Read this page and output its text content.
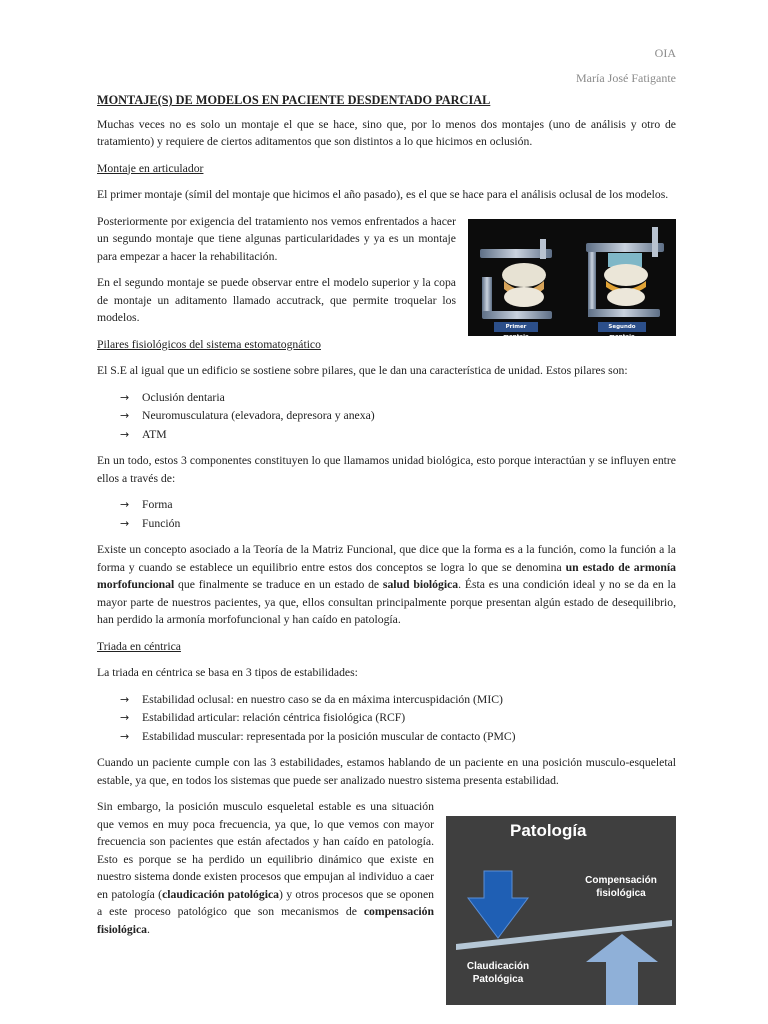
OIA
María José Fatigante
MONTAJE(S) DE MODELOS EN PACIENTE DESDENTADO PARCIAL

Muchas veces no es solo un montaje el que se hace, sino que, por lo menos dos montajes (uno de análisis y otro de tratamiento) y requiere de ciertos aditamentos que son distintos a lo que hicimos en oclusión.

Montaje en articulador

El primer montaje (símil del montaje que hicimos el año pasado), es el que se hace para el análisis oclusal de los modelos.

Primer montaje
Segundo montaje

Posteriormente por exigencia del tratamiento nos vemos enfrentados a hacer un segundo montaje que tiene algunas particularidades y ya es un montaje para empezar a hacer la rehabilitación.

En el segundo montaje se puede observar entre el modelo superior y la copa de montaje un aditamento llamado accutrack, que permite troquelar los modelos.

Pilares fisiológicos del sistema estomatognático

El S.E al igual que un edificio se sostiene sobre pilares, que le dan una característica de unidad. Estos pilares son:

→	Oclusión dentaria
→	Neuromusculatura (elevadora, depresora y anexa)
→	ATM

En un todo, estos 3 componentes constituyen lo que llamamos unidad biológica, esto porque interactúan y se influyen entre ellos a través de:

→	Forma
→	Función

Existe un concepto asociado a la Teoría de la Matriz Funcional, que dice que la forma es a la función, como la función a la forma y cuando se establece un equilibrio entre estos dos conceptos se logra lo que se denomina un estado de armonía morfofuncional que finalmente se traduce en un estado de salud biológica. Ésta es una condición ideal y no se da en la mayor parte de nuestros pacientes, ya que, ellos consultan principalmente porque presentan algún estado de desequilibrio, han perdido la armonía morfofuncional y han caído en patología.

Triada en céntrica

La triada en céntrica se basa en 3 tipos de estabilidades:

→	Estabilidad oclusal: en nuestro caso se da en máxima intercuspidación (MIC)
→	Estabilidad articular: relación céntrica fisiológica (RCF)
→	Estabilidad muscular: representada por la posición muscular de contacto (PMC)

Cuando un paciente cumple con las 3 estabilidades, estamos hablando de un paciente en una posición musculo-esqueletal estable, ya que, en todos los sistemas que puede ser analizado nuestro sistema presenta estabilidad.

Patología
Compensación fisiológica
Claudicación Patológica

Sin embargo, la posición musculo esqueletal estable es una situación que vemos en muy poca frecuencia, ya que, lo que vemos con mayor frecuencia son pacientes que están afectados y han caído en patología. Esto es porque se ha perdido un equilibrio dinámico que existe en nuestro sistema donde existen procesos que empujan al individuo a caer en patología (claudicación patológica) y otros procesos que se oponen a este proceso patológico que son mecanismos de compensación fisiológica.
